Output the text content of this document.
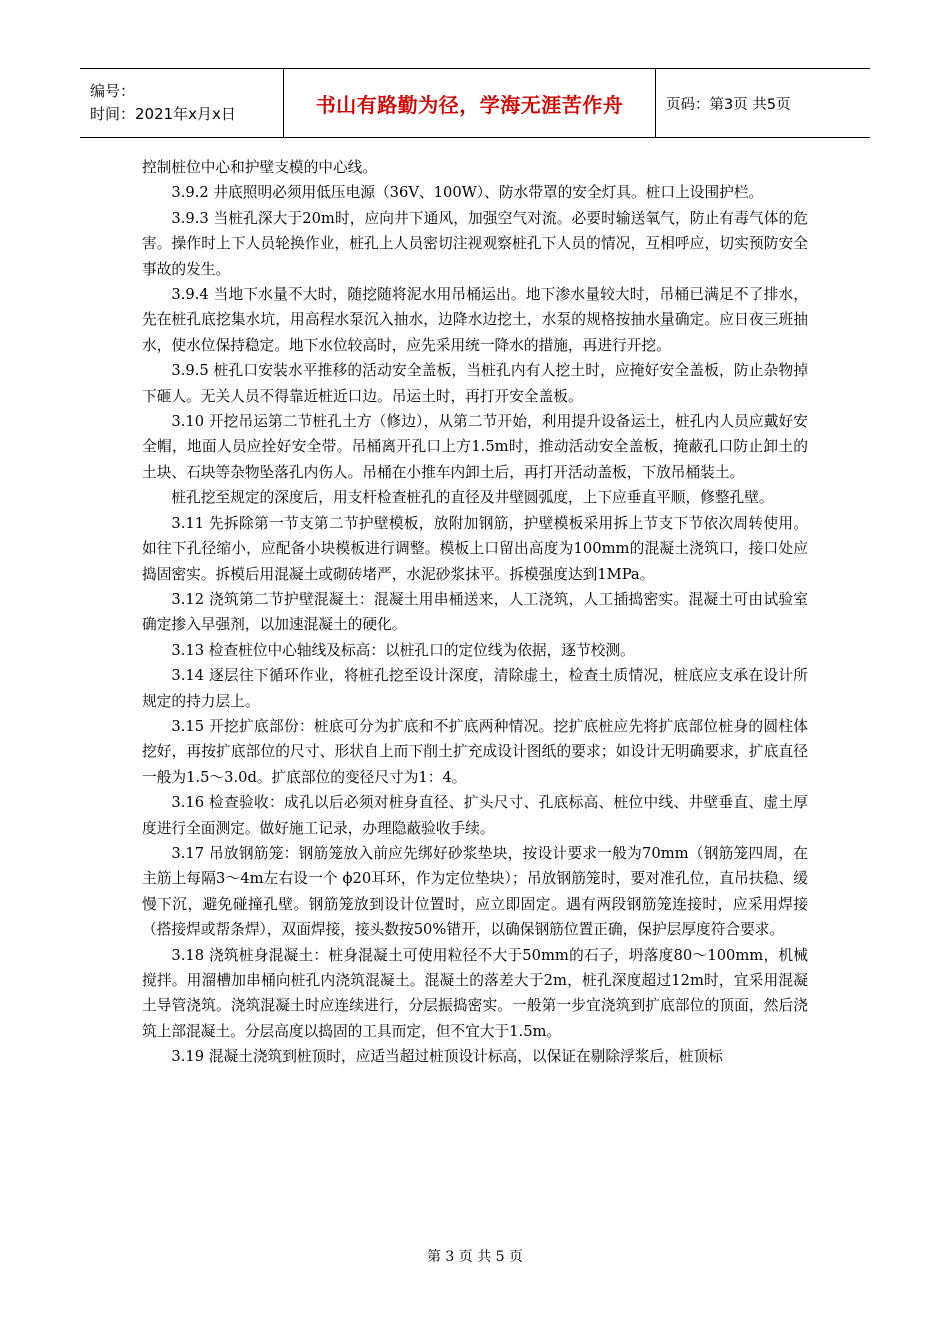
编号：
时间：2021年x月x日	书山有路勤为径，学海无涯苦作舟	页码：第3页 共5页

控制桩位中心和护壁支模的中心线。

3.9.2 井底照明必须用低压电源（36V、100W）、防水带罩的安全灯具。桩口上设围护栏。

3.9.3 当桩孔深大于20m时，应向井下通风，加强空气对流。必要时输送氧气，防止有毒气体的危害。操作时上下人员轮换作业，桩孔上人员密切注视观察桩孔下人员的情况，互相呼应，切实预防安全事故的发生。

3.9.4 当地下水量不大时，随挖随将泥水用吊桶运出。地下渗水量较大时，吊桶已满足不了排水，先在桩孔底挖集水坑，用高程水泵沉入抽水，边降水边挖土，水泵的规格按抽水量确定。应日夜三班抽水，使水位保持稳定。地下水位较高时，应先采用统一降水的措施，再进行开挖。

3.9.5 桩孔口安装水平推移的活动安全盖板，当桩孔内有人挖土时，应掩好安全盖板，防止杂物掉下砸人。无关人员不得靠近桩近口边。吊运土时，再打开安全盖板。

3.10 开挖吊运第二节桩孔土方（修边），从第二节开始，利用提升设备运土，桩孔内人员应戴好安全帽，地面人员应拴好安全带。吊桶离开孔口上方1.5m时，推动活动安全盖板，掩蔽孔口防止卸土的土块、石块等杂物坠落孔内伤人。吊桶在小推车内卸土后，再打开活动盖板，下放吊桶装土。

桩孔挖至规定的深度后，用支杆检查桩孔的直径及井壁圆弧度，上下应垂直平顺，修整孔壁。

3.11 先拆除第一节支第二节护壁模板，放附加钢筋，护壁模板采用拆上节支下节依次周转使用。如往下孔径缩小，应配备小块模板进行调整。模板上口留出高度为100mm的混凝土浇筑口，接口处应捣固密实。拆模后用混凝土或砌砖堵严，水泥砂浆抹平。拆模强度达到1MPa。

3.12 浇筑第二节护壁混凝土：混凝土用串桶送来，人工浇筑，人工插捣密实。混凝土可由试验室确定掺入早强剂，以加速混凝土的硬化。

3.13 检查桩位中心轴线及标高：以桩孔口的定位线为依据，逐节校测。

3.14 逐层往下循环作业，将桩孔挖至设计深度，清除虚土，检查土质情况，桩底应支承在设计所规定的持力层上。

3.15 开挖扩底部份：桩底可分为扩底和不扩底两种情况。挖扩底桩应先将扩底部位桩身的圆柱体挖好，再按扩底部位的尺寸、形状自上而下削土扩充成设计图纸的要求；如设计无明确要求，扩底直径一般为1.5～3.0d。扩底部位的变径尺寸为1：4。

3.16 检查验收：成孔以后必须对桩身直径、扩头尺寸、孔底标高、桩位中线、井壁垂直、虚土厚度进行全面测定。做好施工记录，办理隐蔽验收手续。

3.17 吊放钢筋笼：钢筋笼放入前应先绑好砂浆垫块，按设计要求一般为70mm（钢筋笼四周，在主筋上每隔3～4m左右设一个 ϕ20耳环，作为定位垫块）；吊放钢筋笼时，要对准孔位，直吊扶稳、缓慢下沉，避免碰撞孔壁。钢筋笼放到设计位置时，应立即固定。遇有两段钢筋笼连接时，应采用焊接（搭接焊或帮条焊），双面焊接，接头数按50%错开，以确保钢筋位置正确，保护层厚度符合要求。

3.18 浇筑桩身混凝土：桩身混凝土可使用粒径不大于50mm的石子，坍落度80～100mm，机械搅拌。用溜槽加串桶向桩孔内浇筑混凝土。混凝土的落差大于2m，桩孔深度超过12m时，宜采用混凝土导管浇筑。浇筑混凝土时应连续进行，分层振捣密实。一般第一步宜浇筑到扩底部位的顶面，然后浇筑上部混凝土。分层高度以捣固的工具而定，但不宜大于1.5m。

3.19 混凝土浇筑到桩顶时，应适当超过桩顶设计标高，以保证在剔除浮浆后，桩顶标

第 3 页 共 5 页
